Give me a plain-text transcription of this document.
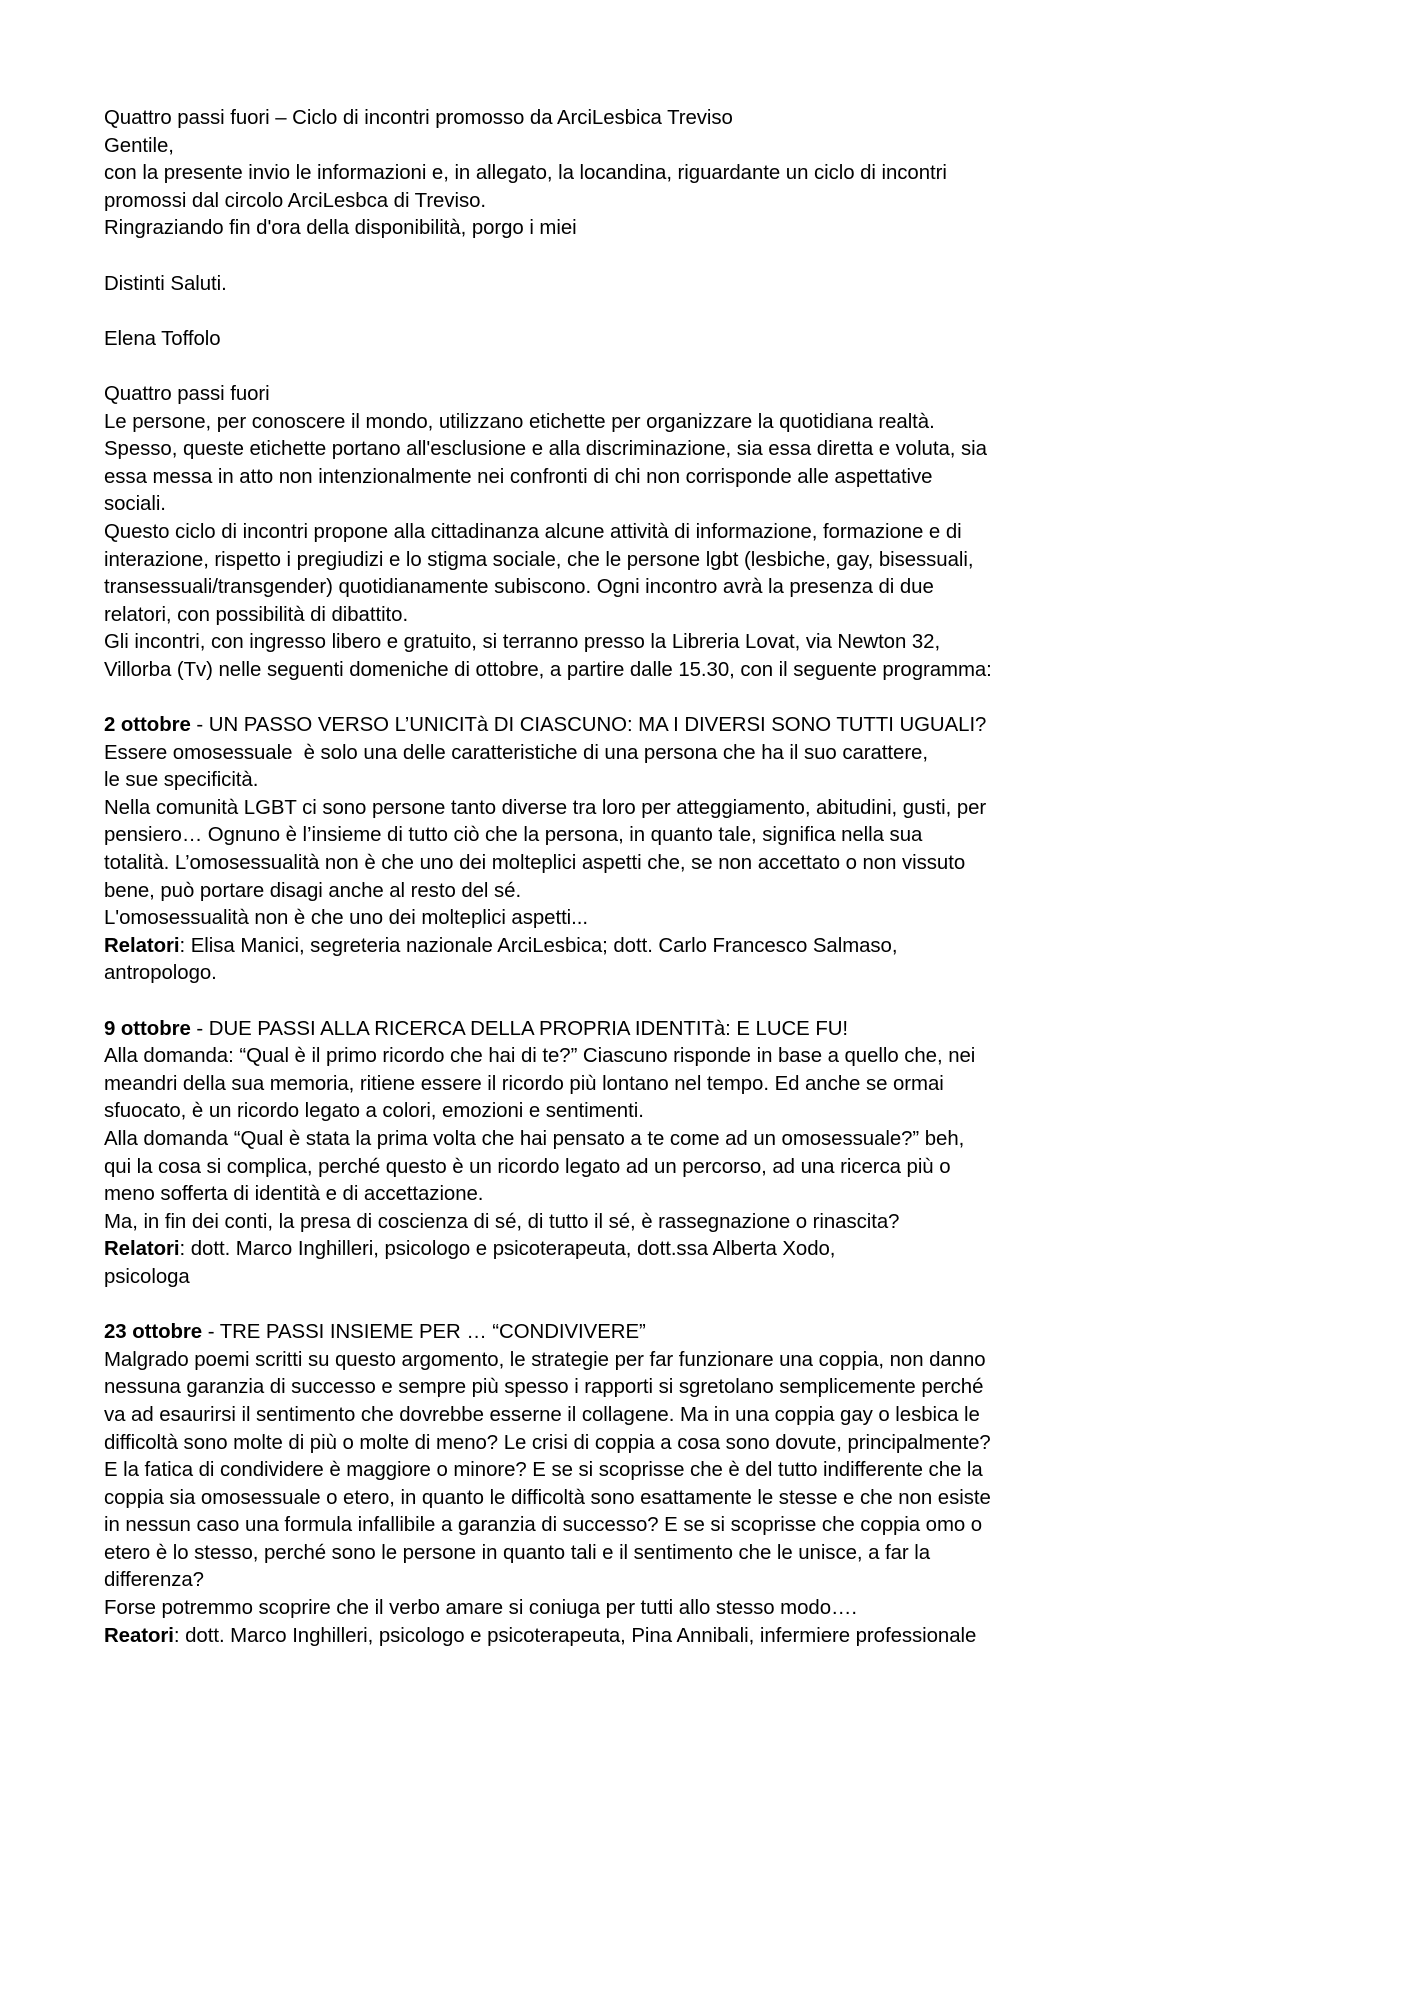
Quattro passi fuori – Ciclo di incontri promosso da ArciLesbica Treviso
Gentile,
con la presente invio le informazioni e, in allegato, la locandina, riguardante un ciclo di incontri
promossi dal circolo ArciLesbca di Treviso.
Ringraziando fin d'ora della disponibilità, porgo i miei
Distinti Saluti.
Elena Toffolo
Quattro passi fuori
Le persone, per conoscere il mondo, utilizzano etichette per organizzare la quotidiana realtà.
Spesso, queste etichette portano all'esclusione e alla discriminazione, sia essa diretta e voluta, sia
essa messa in atto non intenzionalmente nei confronti di chi non corrisponde alle aspettative
sociali.
Questo ciclo di incontri propone alla cittadinanza alcune attività di informazione, formazione e di
interazione, rispetto i pregiudizi e lo stigma sociale, che le persone lgbt (lesbiche, gay, bisessuali,
transessuali/transgender) quotidianamente subiscono. Ogni incontro avrà la presenza di due
relatori, con possibilità di dibattito.
Gli incontri, con ingresso libero e gratuito, si terranno presso la Libreria Lovat, via Newton 32,
Villorba (Tv) nelle seguenti domeniche di ottobre, a partire dalle 15.30, con il seguente programma:
2 ottobre - UN PASSO VERSO L’UNICITà DI CIASCUNO: MA I DIVERSI SONO TUTTI UGUALI?
Essere omosessuale  è solo una delle caratteristiche di una persona che ha il suo carattere,
le sue specificità.
Nella comunità LGBT ci sono persone tanto diverse tra loro per atteggiamento, abitudini, gusti, per
pensiero… Ognuno è l’insieme di tutto ciò che la persona, in quanto tale, significa nella sua
totalità. L’omosessualità non è che uno dei molteplici aspetti che, se non accettato o non vissuto
bene, può portare disagi anche al resto del sé.
L'omosessualità non è che uno dei molteplici aspetti...
Relatori: Elisa Manici, segreteria nazionale ArciLesbica; dott. Carlo Francesco Salmaso,
antropologo.
9 ottobre - DUE PASSI ALLA RICERCA DELLA PROPRIA IDENTITà: E LUCE FU!
Alla domanda: “Qual è il primo ricordo che hai di te?” Ciascuno risponde in base a quello che, nei
meandri della sua memoria, ritiene essere il ricordo più lontano nel tempo. Ed anche se ormai
sfuocato, è un ricordo legato a colori, emozioni e sentimenti.
Alla domanda “Qual è stata la prima volta che hai pensato a te come ad un omosessuale?” beh,
qui la cosa si complica, perché questo è un ricordo legato ad un percorso, ad una ricerca più o
meno sofferta di identità e di accettazione.
Ma, in fin dei conti, la presa di coscienza di sé, di tutto il sé, è rassegnazione o rinascita?
Relatori: dott. Marco Inghilleri, psicologo e psicoterapeuta, dott.ssa Alberta Xodo,
psicologa
23 ottobre - TRE PASSI INSIEME PER … “CONDIVIVERE”
Malgrado poemi scritti su questo argomento, le strategie per far funzionare una coppia, non danno
nessuna garanzia di successo e sempre più spesso i rapporti si sgretolano semplicemente perché
va ad esaurirsi il sentimento che dovrebbe esserne il collagene. Ma in una coppia gay o lesbica le
difficoltà sono molte di più o molte di meno? Le crisi di coppia a cosa sono dovute, principalmente?
E la fatica di condividere è maggiore o minore? E se si scoprisse che è del tutto indifferente che la
coppia sia omosessuale o etero, in quanto le difficoltà sono esattamente le stesse e che non esiste
in nessun caso una formula infallibile a garanzia di successo? E se si scoprisse che coppia omo o
etero è lo stesso, perché sono le persone in quanto tali e il sentimento che le unisce, a far la
differenza?
Forse potremmo scoprire che il verbo amare si coniuga per tutti allo stesso modo….
Reatori: dott. Marco Inghilleri, psicologo e psicoterapeuta, Pina Annibali, infermiere professionale
